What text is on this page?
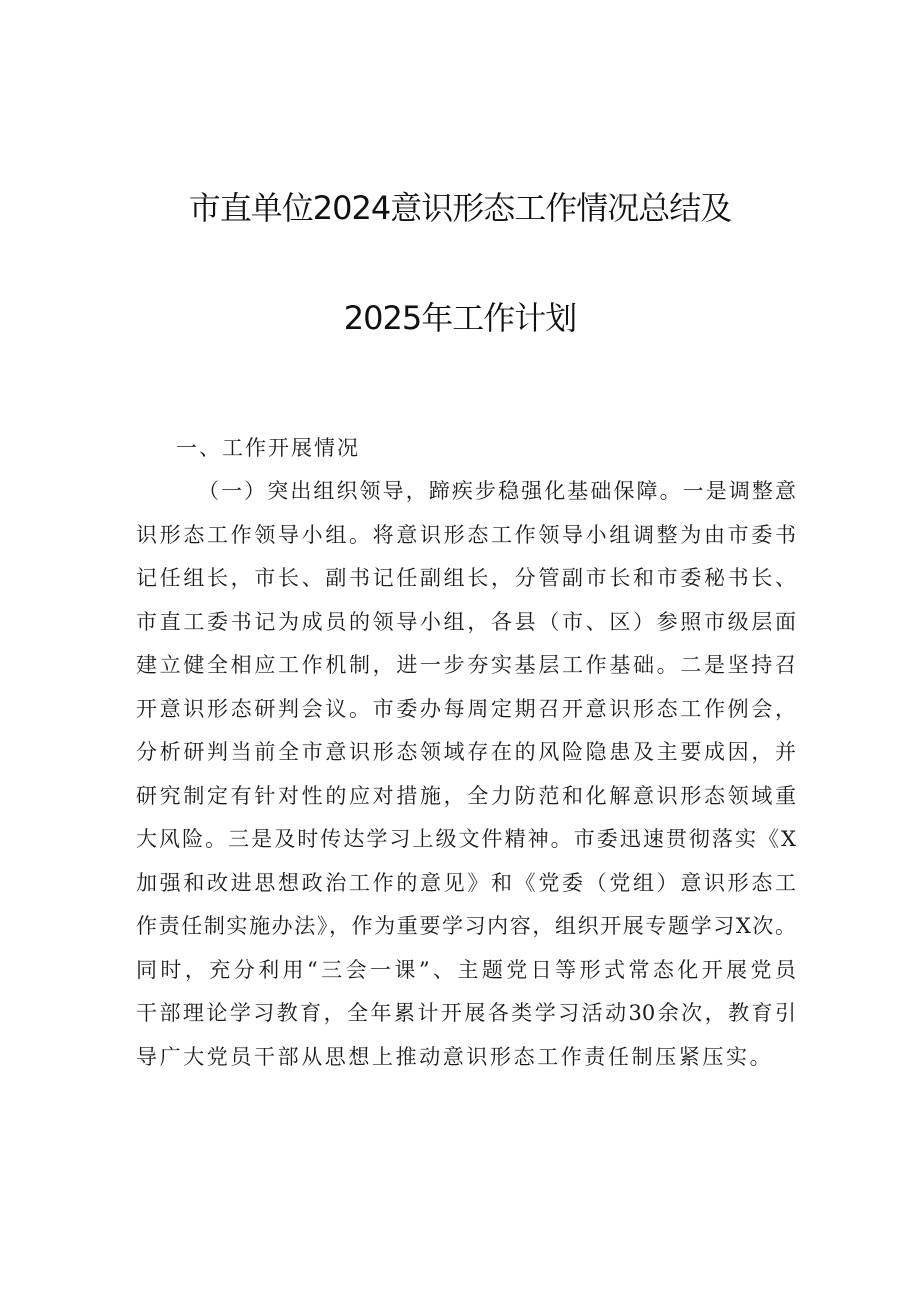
市直单位2024意识形态工作情况总结及
2025年工作计划
一、工作开展情况
（一）突出组织领导，蹄疾步稳强化基础保障。一是调整意
识形态工作领导小组。将意识形态工作领导小组调整为由市委书
记任组长，市长、副书记任副组长，分管副市长和市委秘书长、
市直工委书记为成员的领导小组，各县（市、区）参照市级层面
建立健全相应工作机制，进一步夯实基层工作基础。二是坚持召
开意识形态研判会议。市委办每周定期召开意识形态工作例会，
分析研判当前全市意识形态领域存在的风险隐患及主要成因，并
研究制定有针对性的应对措施，全力防范和化解意识形态领域重
大风险。三是及时传达学习上级文件精神。市委迅速贯彻落实《X
加强和改进思想政治工作的意见》和《党委（党组）意识形态工
作责任制实施办法》，作为重要学习内容，组织开展专题学习X次。
同时，充分利用“三会一课”、主题党日等形式常态化开展党员
干部理论学习教育，全年累计开展各类学习活动30余次，教育引
导广大党员干部从思想上推动意识形态工作责任制压紧压实。
